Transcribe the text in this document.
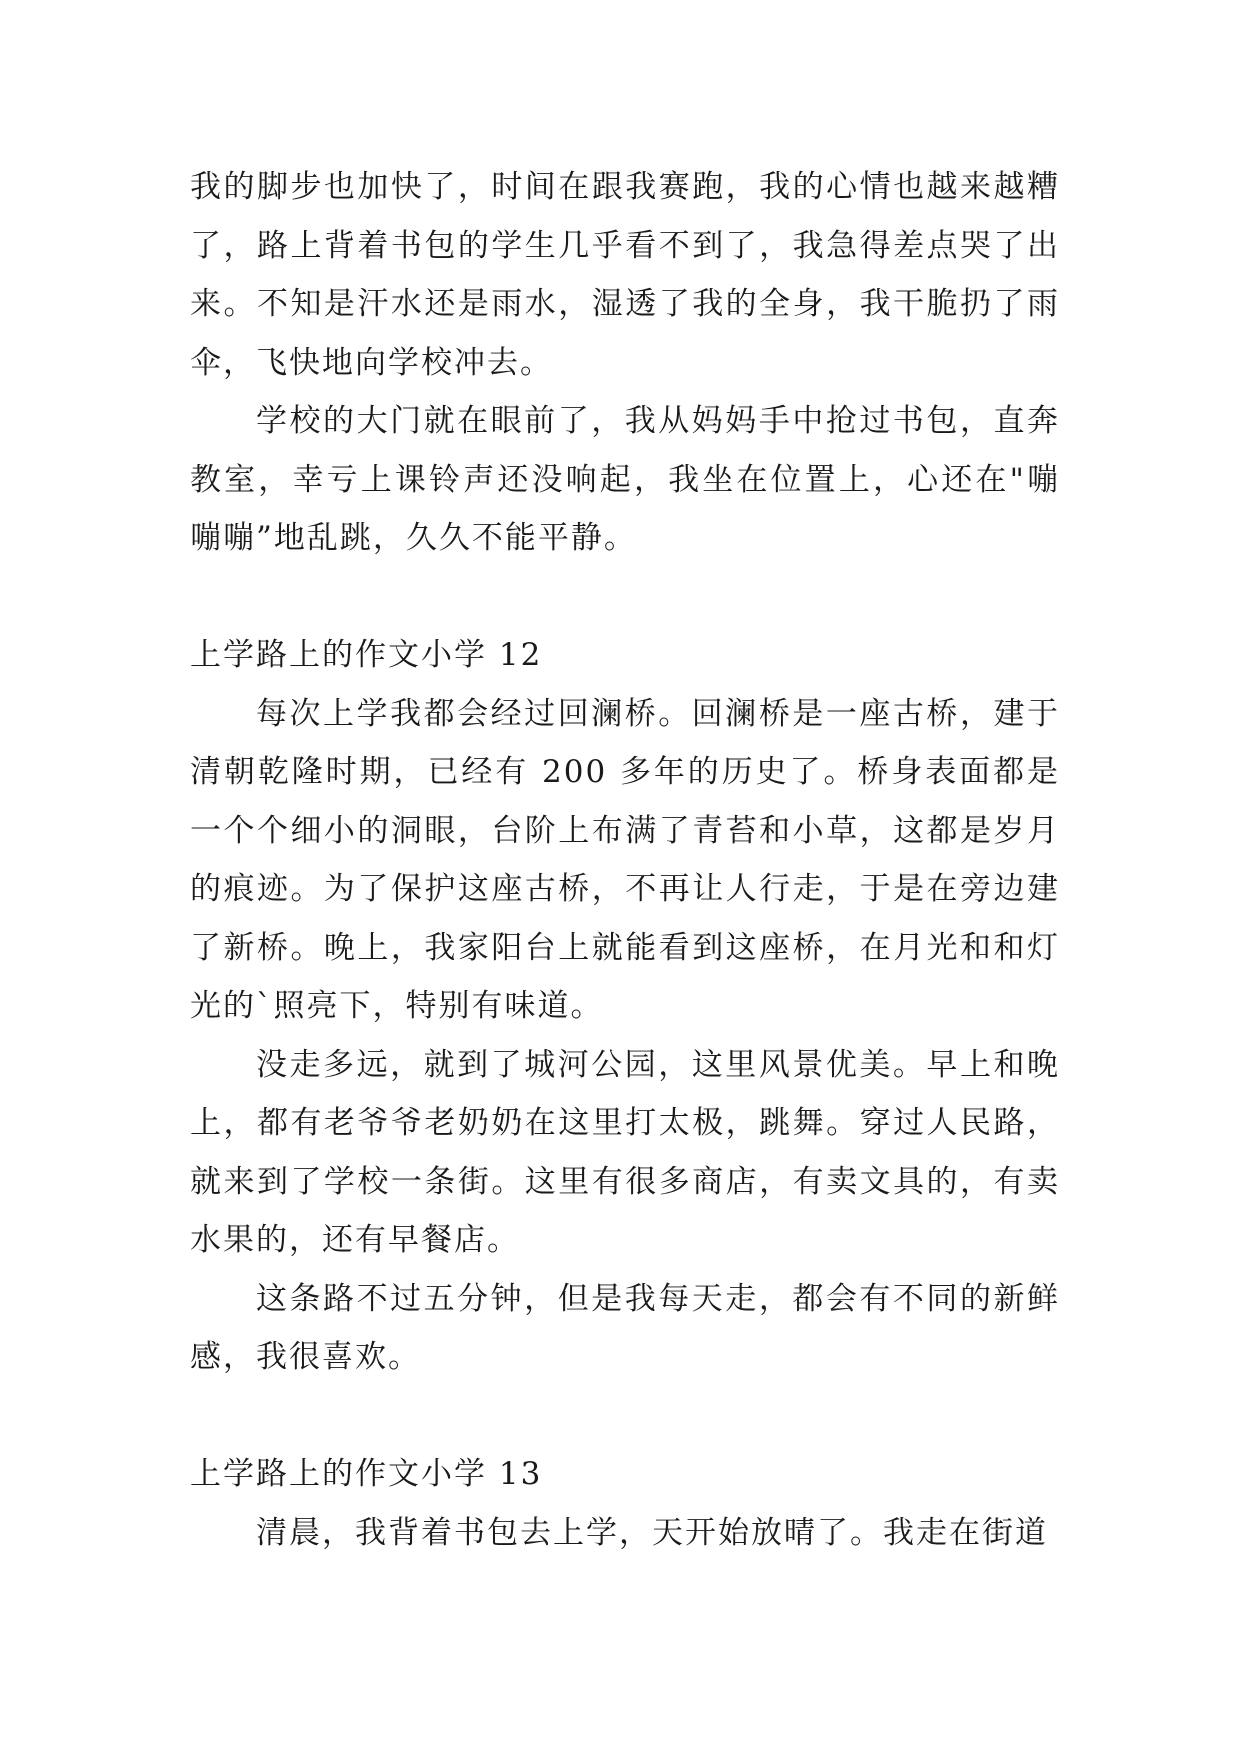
我的脚步也加快了，时间在跟我赛跑，我的心情也越来越糟了，路上背着书包的学生几乎看不到了，我急得差点哭了出来。不知是汗水还是雨水，湿透了我的全身，我干脆扔了雨伞，飞快地向学校冲去。

学校的大门就在眼前了，我从妈妈手中抢过书包，直奔教室，幸亏上课铃声还没响起，我坐在位置上，心还在"嘣嘣嘣”地乱跳，久久不能平静。

上学路上的作文小学 12

每次上学我都会经过回澜桥。回澜桥是一座古桥，建于清朝乾隆时期，已经有 200 多年的历史了。桥身表面都是一个个细小的洞眼，台阶上布满了青苔和小草，这都是岁月的痕迹。为了保护这座古桥，不再让人行走，于是在旁边建了新桥。晚上，我家阳台上就能看到这座桥，在月光和和灯光的`照亮下，特别有味道。

没走多远，就到了城河公园，这里风景优美。早上和晚上，都有老爷爷老奶奶在这里打太极，跳舞。穿过人民路，就来到了学校一条街。这里有很多商店，有卖文具的，有卖水果的，还有早餐店。

这条路不过五分钟，但是我每天走，都会有不同的新鲜感，我很喜欢。

上学路上的作文小学 13

清晨，我背着书包去上学，天开始放晴了。我走在街道
